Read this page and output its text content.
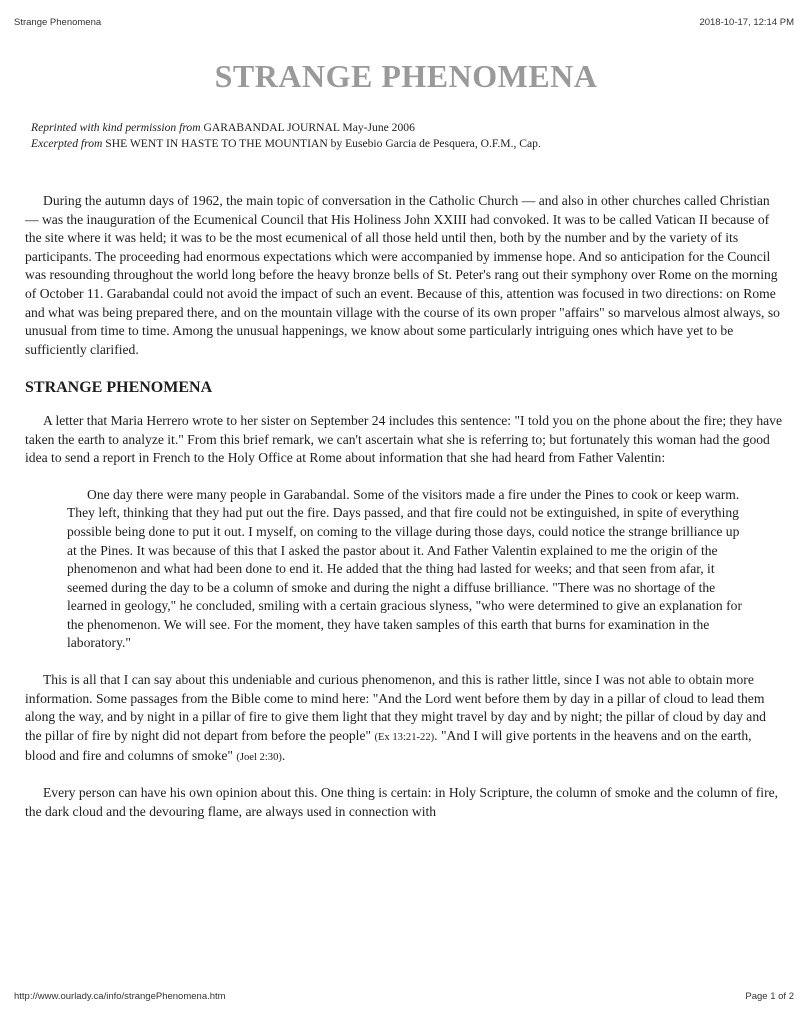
Strange Phenomena	2018-10-17, 12:14 PM
STRANGE PHENOMENA
Reprinted with kind permission from GARABANDAL JOURNAL May-June 2006
Excerpted from SHE WENT IN HASTE TO THE MOUNTIAN by Eusebio Garcia de Pesquera, O.F.M., Cap.

During the autumn days of 1962, the main topic of conversation in the Catholic Church — and also in other churches called Christian — was the inauguration of the Ecumenical Council that His Holiness John XXIII had convoked. It was to be called Vatican II because of the site where it was held; it was to be the most ecumenical of all those held until then, both by the number and by the variety of its participants. The proceeding had enormous expectations which were accompanied by immense hope. And so anticipation for the Council was resounding throughout the world long before the heavy bronze bells of St. Peter's rang out their symphony over Rome on the morning of October 11. Garabandal could not avoid the impact of such an event. Because of this, attention was focused in two directions: on Rome and what was being prepared there, and on the mountain village with the course of its own proper "affairs" so marvelous almost always, so unusual from time to time. Among the unusual happenings, we know about some particularly intriguing ones which have yet to be sufficiently clarified.

STRANGE PHENOMENA

A letter that Maria Herrero wrote to her sister on September 24 includes this sentence: "I told you on the phone about the fire; they have taken the earth to analyze it." From this brief remark, we can't ascertain what she is referring to; but fortunately this woman had the good idea to send a report in French to the Holy Office at Rome about information that she had heard from Father Valentin:

One day there were many people in Garabandal. Some of the visitors made a fire under the Pines to cook or keep warm. They left, thinking that they had put out the fire. Days passed, and that fire could not be extinguished, in spite of everything possible being done to put it out. I myself, on coming to the village during those days, could notice the strange brilliance up at the Pines. It was because of this that I asked the pastor about it. And Father Valentin explained to me the origin of the phenomenon and what had been done to end it. He added that the thing had lasted for weeks; and that seen from afar, it seemed during the day to be a column of smoke and during the night a diffuse brilliance. "There was no shortage of the learned in geology," he concluded, smiling with a certain gracious slyness, "who were determined to give an explanation for the phenomenon. We will see. For the moment, they have taken samples of this earth that burns for examination in the laboratory."

This is all that I can say about this undeniable and curious phenomenon, and this is rather little, since I was not able to obtain more information. Some passages from the Bible come to mind here: "And the Lord went before them by day in a pillar of cloud to lead them along the way, and by night in a pillar of fire to give them light that they might travel by day and by night; the pillar of cloud by day and the pillar of fire by night did not depart from before the people" (Ex 13:21-22). "And I will give portents in the heavens and on the earth, blood and fire and columns of smoke" (Joel 2:30).

Every person can have his own opinion about this. One thing is certain: in Holy Scripture, the column of smoke and the column of fire, the dark cloud and the devouring flame, are always used in connection with

http://www.ourlady.ca/info/strangePhenomena.htm	Page 1 of 2
